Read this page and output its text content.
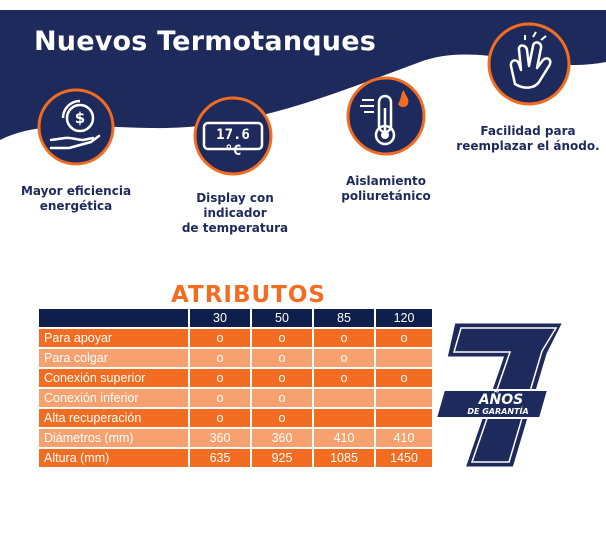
Nuevos Termotanques
$
Mayor eficiencia
energética
17.6 °C
Display con indicador
de temperatura
Aislamiento
poliuretánico
Facilidad para
reemplazar el ánodo.
ATRIBUTOS
	30	50	85	120
Para apoyar	o	o	o	o
Para colgar	o	o	o	
Conexión superior	o	o	o	o
Conexión inferior	o	o		
Alta recuperación	o	o		
Diámetros (mm)	360	360	410	410
Altura (mm)	635	925	1085	1450
AÑOS
DE GARANTÍA
